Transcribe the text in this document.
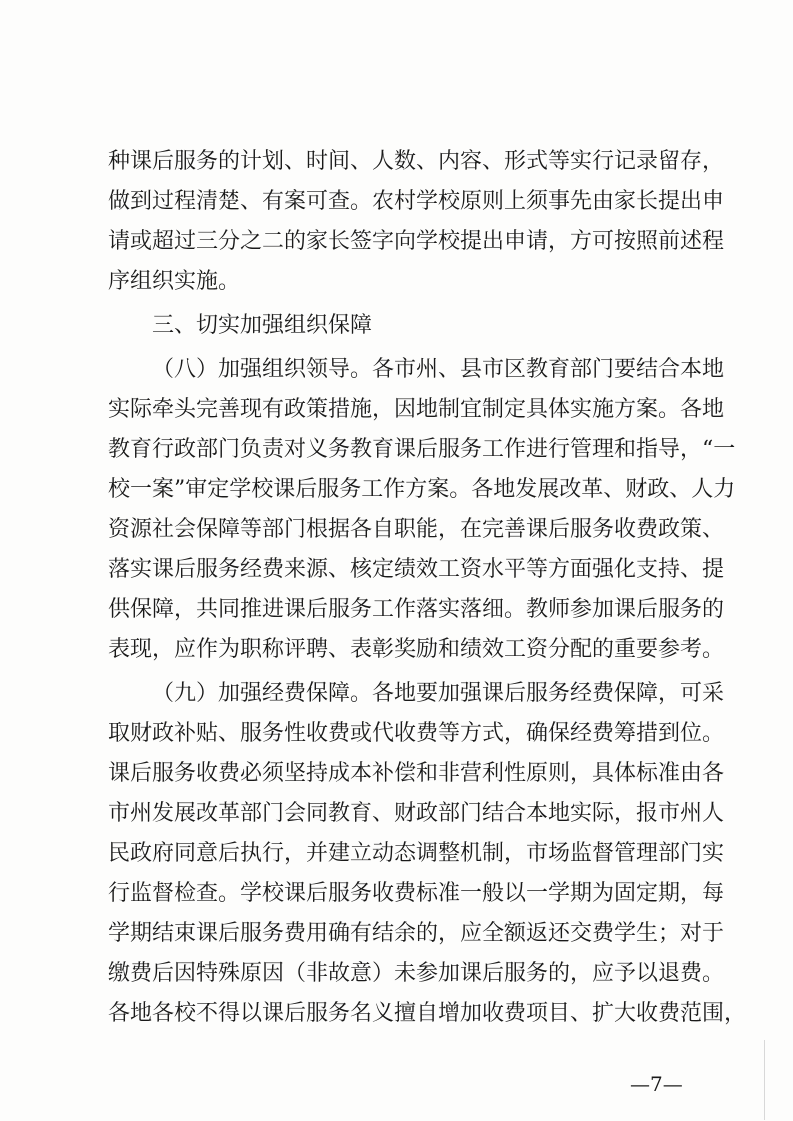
种课后服务的计划、时间、人数、内容、形式等实行记录留存，
做到过程清楚、有案可查。农村学校原则上须事先由家长提出申
请或超过三分之二的家长签字向学校提出申请，方可按照前述程
序组织实施。
三、切实加强组织保障
（八）加强组织领导。各市州、县市区教育部门要结合本地
实际牵头完善现有政策措施，因地制宜制定具体实施方案。各地
教育行政部门负责对义务教育课后服务工作进行管理和指导，“一
校一案”审定学校课后服务工作方案。各地发展改革、财政、人力
资源社会保障等部门根据各自职能，在完善课后服务收费政策、
落实课后服务经费来源、核定绩效工资水平等方面强化支持、提
供保障，共同推进课后服务工作落实落细。教师参加课后服务的
表现，应作为职称评聘、表彰奖励和绩效工资分配的重要参考。
（九）加强经费保障。各地要加强课后服务经费保障，可采
取财政补贴、服务性收费或代收费等方式，确保经费筹措到位。
课后服务收费必须坚持成本补偿和非营利性原则，具体标准由各
市州发展改革部门会同教育、财政部门结合本地实际，报市州人
民政府同意后执行，并建立动态调整机制，市场监督管理部门实
行监督检查。学校课后服务收费标准一般以一学期为固定期，每
学期结束课后服务费用确有结余的，应全额返还交费学生；对于
缴费后因特殊原因（非故意）未参加课后服务的，应予以退费。
—7—
各地各校不得以课后服务名义擅自增加收费项目、扩大收费范围，
